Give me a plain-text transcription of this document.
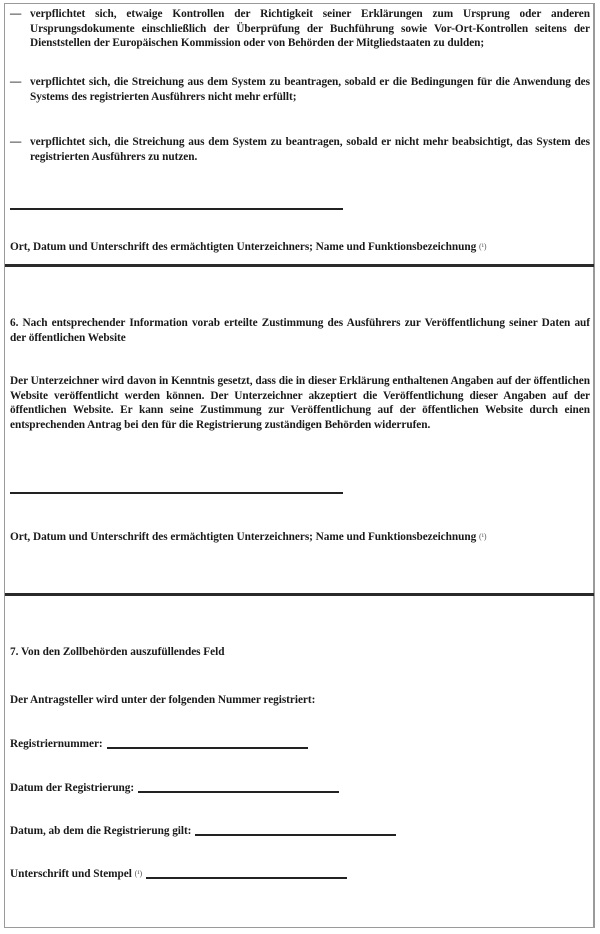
— verpflichtet sich, etwaige Kontrollen der Richtigkeit seiner Erklärungen zum Ursprung oder anderen Ursprungsdokumente einschließlich der Überprüfung der Buchführung sowie Vor-Ort-Kontrollen seitens der Dienststellen der Europäischen Kommission oder von Behörden der Mitgliedstaaten zu dulden;
— verpflichtet sich, die Streichung aus dem System zu beantragen, sobald er die Bedingungen für die Anwendung des Systems des registrierten Ausführers nicht mehr erfüllt;
— verpflichtet sich, die Streichung aus dem System zu beantragen, sobald er nicht mehr beabsichtigt, das System des registrierten Ausführers zu nutzen.
Ort, Datum und Unterschrift des ermächtigten Unterzeichners; Name und Funktionsbezeichnung (¹)
6. Nach entsprechender Information vorab erteilte Zustimmung des Ausführers zur Veröffentlichung seiner Daten auf der öffentlichen Website
Der Unterzeichner wird davon in Kenntnis gesetzt, dass die in dieser Erklärung enthaltenen Angaben auf der öffentlichen Website veröffentlicht werden können. Der Unterzeichner akzeptiert die Veröffentlichung dieser Angaben auf der öffentlichen Website. Er kann seine Zustimmung zur Veröffentlichung auf der öffentlichen Website durch einen entsprechenden Antrag bei den für die Registrierung zuständigen Behörden widerrufen.
Ort, Datum und Unterschrift des ermächtigten Unterzeichners; Name und Funktionsbezeichnung (¹)
7. Von den Zollbehörden auszufüllendes Feld
Der Antragsteller wird unter der folgenden Nummer registriert:
Registriernummer:
Datum der Registrierung:
Datum, ab dem die Registrierung gilt:
Unterschrift und Stempel (¹)
